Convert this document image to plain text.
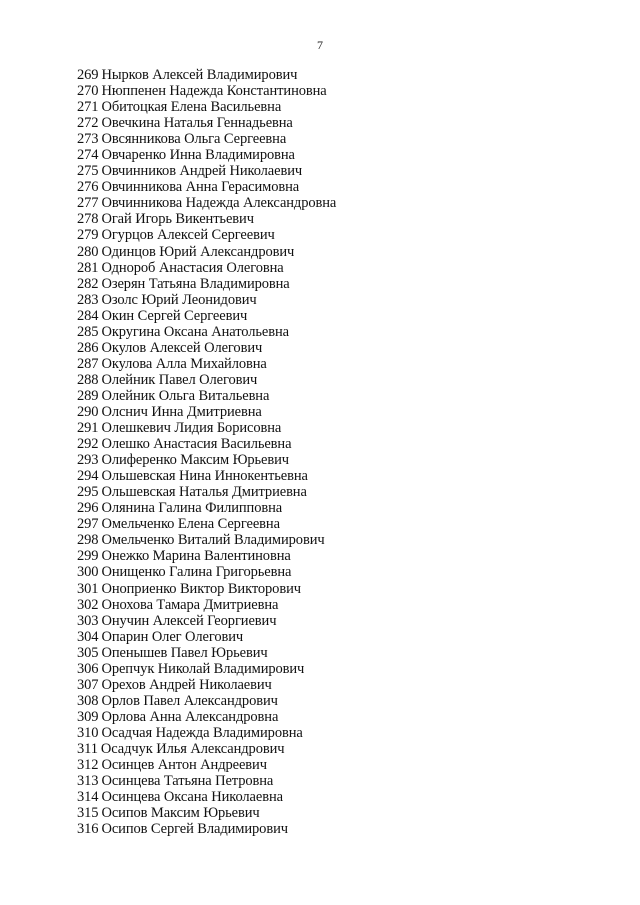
7
269 Нырков Алексей Владимирович
270 Нюппенен Надежда Константиновна
271 Обитоцкая Елена Васильевна
272 Овечкина Наталья Геннадьевна
273 Овсянникова Ольга Сергеевна
274 Овчаренко Инна Владимировна
275 Овчинников Андрей Николаевич
276 Овчинникова Анна Герасимовна
277 Овчинникова Надежда Александровна
278 Огай Игорь Викентьевич
279 Огурцов Алексей Сергеевич
280 Одинцов Юрий Александрович
281 Однороб Анастасия Олеговна
282 Озерян Татьяна Владимировна
283 Озолс Юрий Леонидович
284 Окин Сергей Сергеевич
285 Округина Оксана Анатольевна
286 Окулов Алексей Олегович
287 Окулова Алла Михайловна
288 Олейник Павел Олегович
289 Олейник Ольга Витальевна
290 Олснич Инна Дмитриевна
291 Олешкевич Лидия Борисовна
292 Олешко Анастасия Васильевна
293 Олифеpенко Максим Юрьевич
294 Ольшевская Нина Иннокентьевна
295 Ольшевская Наталья Дмитриевна
296 Олянина Галина Филипповна
297 Омельченко Елена Сергеевна
298 Омельченко Виталий Владимирович
299 Онежко Марина Валентиновна
300 Онищенко Галина Григорьевна
301 Оноприенко Виктор Викторович
302 Онохова Тамара Дмитриевна
303 Онучин Алексей Георгиевич
304 Опарин Олег Олегович
305 Опенышев Павел Юрьевич
306 Орепчук Николай Владимирович
307 Орехов Андрей Николаевич
308 Орлов Павел Александрович
309 Орлова Анна Александровна
310 Осадчая Надежда Владимировна
311 Осадчук Илья Александрович
312 Осинцев Антон Андреевич
313 Осинцева Татьяна Петровна
314 Осинцева Оксана Николаевна
315 Осипов Максим Юрьевич
316 Осипов Сергей Владимирович
